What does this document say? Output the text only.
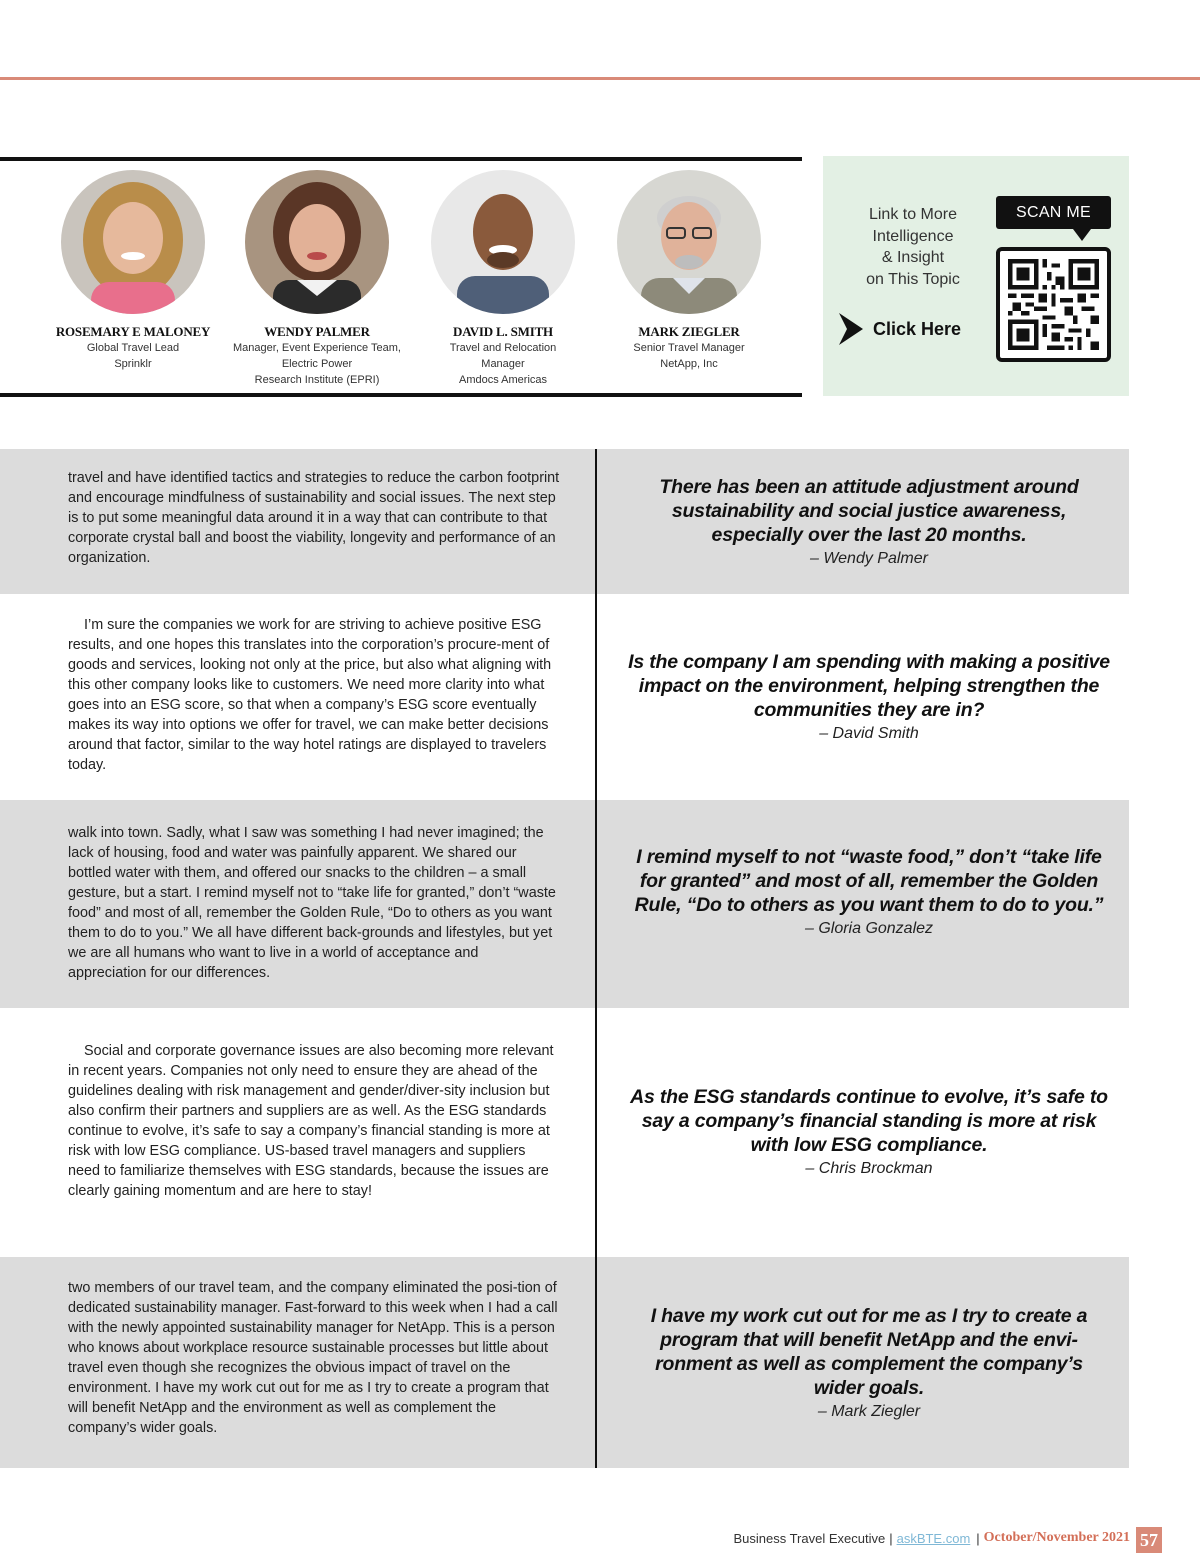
ROSEMARY E MALONEY
Global Travel Lead
Sprinklr
WENDY PALMER
Manager, Event Experience Team,
Electric Power
Research Institute (EPRI)
DAVID L. SMITH
Travel and Relocation
Manager
Amdocs Americas
MARK ZIEGLER
Senior Travel Manager
NetApp, Inc
Link to More
Intelligence
& Insight
on This Topic
Click Here
SCAN ME

travel and have identified tactics and strategies to reduce the carbon footprint and encourage mindfulness of sustainability and social issues. The next step is to put some meaningful data around it in a way that can contribute to that corporate crystal ball and boost the viability, longevity and performance of an organization.

There has been an attitude adjustment around sustainability and social justice awareness, especially over the last 20 months.
– Wendy Palmer

I’m sure the companies we work for are striving to achieve positive ESG results, and one hopes this translates into the corporation’s procure-ment of goods and services, looking not only at the price, but also what aligning with this other company looks like to customers. We need more clarity into what goes into an ESG score, so that when a company’s ESG score eventually makes its way into options we offer for travel, we can make better decisions around that factor, similar to the way hotel ratings are displayed to travelers today.

Is the company I am spending with making a positive impact on the environment, helping strengthen the communities they are in?
– David Smith

walk into town. Sadly, what I saw was something I had never imagined; the lack of housing, food and water was painfully apparent. We shared our bottled water with them, and offered our snacks to the children – a small gesture, but a start. I remind myself not to “take life for granted,” don’t “waste food” and most of all, remember the Golden Rule, “Do to others as you want them to do to you.” We all have different back-grounds and lifestyles, but yet we are all humans who want to live in a world of acceptance and appreciation for our differences.

I remind myself to not “waste food,” don’t “take life for granted” and most of all, remember the Golden Rule, “Do to others as you want them to do to you.”
– Gloria Gonzalez

Social and corporate governance issues are also becoming more relevant in recent years. Companies not only need to ensure they are ahead of the guidelines dealing with risk management and gender/diver-sity inclusion but also confirm their partners and suppliers are as well. As the ESG standards continue to evolve, it’s safe to say a company’s financial standing is more at risk with low ESG compliance. US-based travel managers and suppliers need to familiarize themselves with ESG standards, because the issues are clearly gaining momentum and are here to stay!

As the ESG standards continue to evolve, it’s safe to say a company’s financial standing is more at risk with low ESG compliance.
– Chris Brockman

two members of our travel team, and the company eliminated the posi-tion of dedicated sustainability manager. Fast-forward to this week when I had a call with the newly appointed sustainability manager for NetApp. This is a person who knows about workplace resource sustainable processes but little about travel even though she recognizes the obvious impact of travel on the environment. I have my work cut out for me as I try to create a program that will benefit NetApp and the environment as well as complement the company’s wider goals.

I have my work cut out for me as I try to create a program that will benefit NetApp and the envi-ronment as well as complement the company’s wider goals.
– Mark Ziegler
Business Travel Executive | askBTE.com | October/November 2021 57
